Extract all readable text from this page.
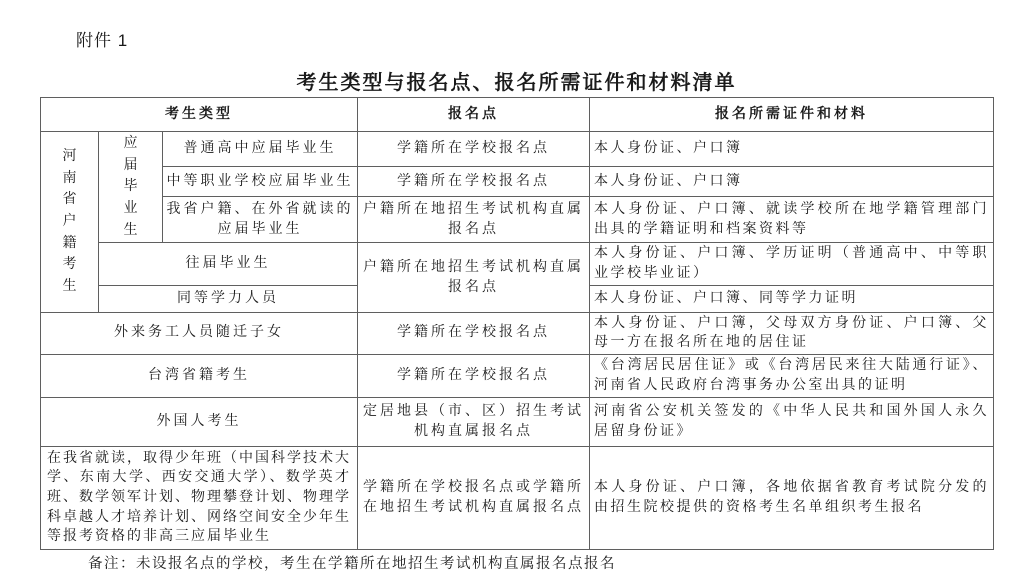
附件 1
考生类型与报名点、报名所需证件和材料清单
考生类型			报名点	报名所需证件和材料

河南省户籍考生	应届毕业生	普通高中应届毕业生	学籍所在学校报名点	本人身份证、户口簿
		中等职业学校应届毕业生	学籍所在学校报名点	本人身份证、户口簿
		我省户籍、在外省就读的应届毕业生	户籍所在地招生考试机构直属报名点	本人身份证、户口簿、就读学校所在地学籍管理部门出具的学籍证明和档案资料等
	往届毕业生		户籍所在地招生考试机构直属报名点	本人身份证、户口簿、学历证明（普通高中、中等职业学校毕业证）
	同等学力人员			本人身份证、户口簿、同等学力证明
外来务工人员随迁子女			学籍所在学校报名点	本人身份证、户口簿，父母双方身份证、户口簿、父母一方在报名所在地的居住证
台湾省籍考生			学籍所在学校报名点	《台湾居民居住证》或《台湾居民来往大陆通行证》、河南省人民政府台湾事务办公室出具的证明
外国人考生			定居地县（市、区）招生考试机构直属报名点	河南省公安机关签发的《中华人民共和国外国人永久居留身份证》
在我省就读，取得少年班（中国科学技术大学、东南大学、西安交通大学）、数学英才班、数学领军计划、物理攀登计划、物理学科卓越人才培养计划、网络空间安全少年生等报考资格的非高三应届毕业生			学籍所在学校报名点或学籍所在地招生考试机构直属报名点	本人身份证、户口簿，各地依据省教育考试院分发的由招生院校提供的资格考生名单组织考生报名
备注：未设报名点的学校，考生在学籍所在地招生考试机构直属报名点报名
